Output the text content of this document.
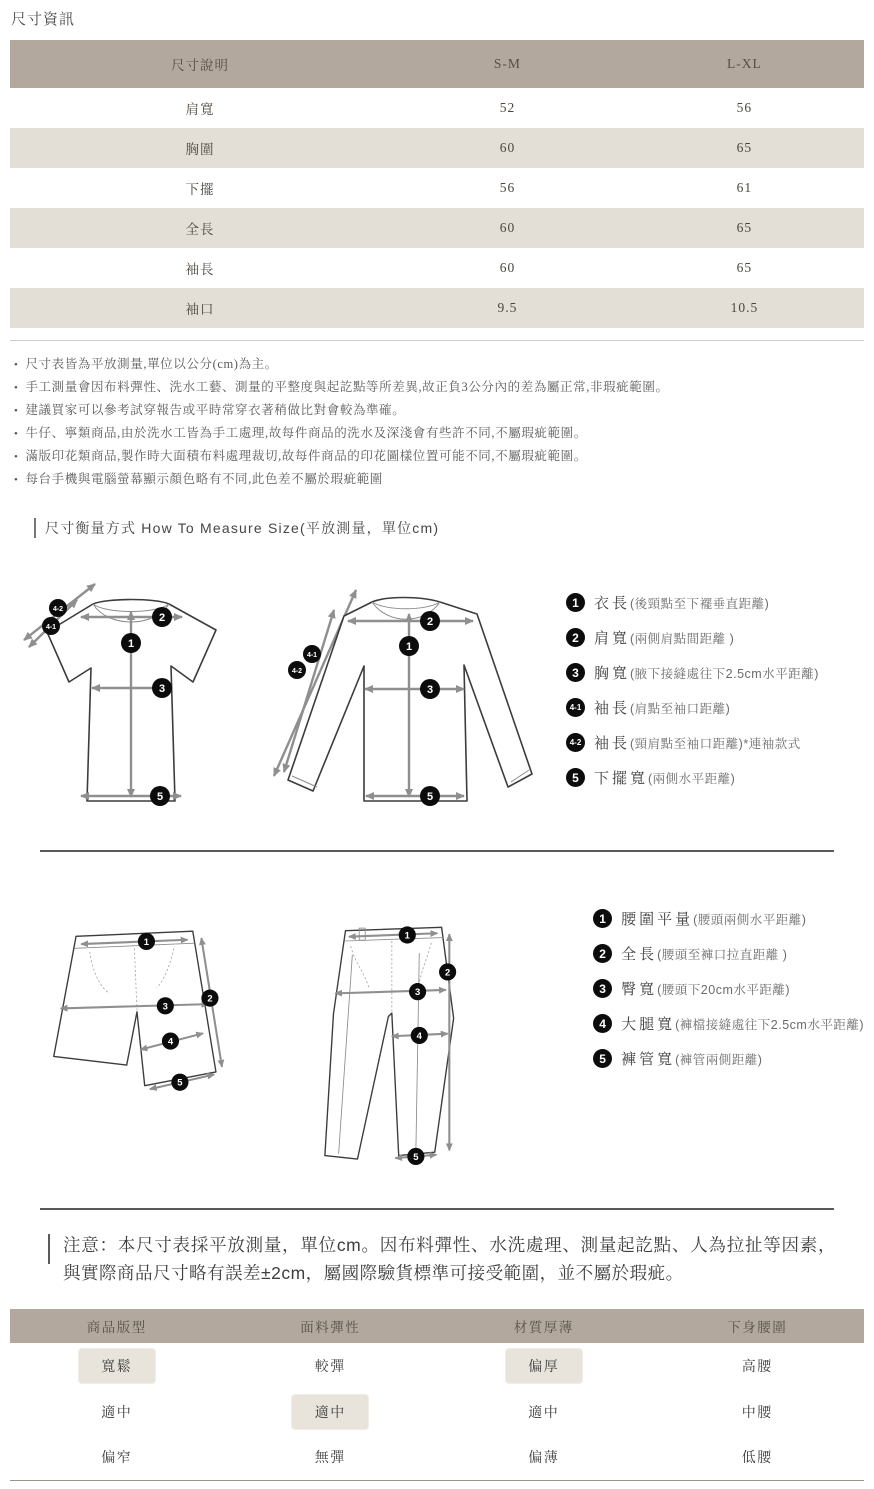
尺寸資訊
尺寸說明	S-M	L-XL
肩寬	52	56
胸圍	60	65
下擺	56	61
全長	60	65
袖長	60	65
袖口	9.5	10.5
• 尺寸表皆為平放測量,單位以公分(cm)為主。
• 手工測量會因布料彈性、洗水工藝、測量的平整度與起訖點等所差異,故正負3公分內的差為屬正常,非瑕疵範圍。
• 建議買家可以參考試穿報告或平時常穿衣著稍做比對會較為準確。
• 牛仔、寧類商品,由於洗水工皆為手工處理,故每件商品的洗水及深淺會有些許不同,不屬瑕疵範圍。
• 滿版印花類商品,製作時大面積布料處理裁切,故每件商品的印花圖樣位置可能不同,不屬瑕疵範圍。
• 每台手機與電腦螢幕顯示顏色略有不同,此色差不屬於瑕疵範圍
尺寸衡量方式 How To Measure Size(平放測量，單位cm)
4-2
4-1
2
1
3
5
4-1
4-2
2
1
3
5
1	衣長 (後頸點至下襬垂直距離)
2	肩寬 (兩側肩點間距離 )
3	胸寬 (腋下接縫處往下2.5cm水平距離)
4-1 袖長 (肩點至袖口距離)
4-2 袖長 (頸肩點至袖口距離)*連袖款式
5	下擺寬 (兩側水平距離)
1
2
3
4
5
1
2
3
4
5
1	腰圍平量 (腰頭兩側水平距離)
2	全長 (腰頭至褲口拉直距離 )
3	臀寬 (腰頭下20cm水平距離)
4	大腿寬 (褲檔接縫處往下2.5cm水平距離)
5	褲管寬 (褲管兩側距離)
注意：本尺寸表採平放測量，單位cm。因布料彈性、水洗處理、測量起訖點、人為拉扯等因素，與實際商品尺寸略有誤差±2cm，屬國際驗貨標準可接受範圍，並不屬於瑕疵。
商品版型	面料彈性	材質厚薄	下身腰圍
寬鬆	較彈	偏厚	高腰
適中	適中	適中	中腰
偏窄	無彈	偏薄	低腰
